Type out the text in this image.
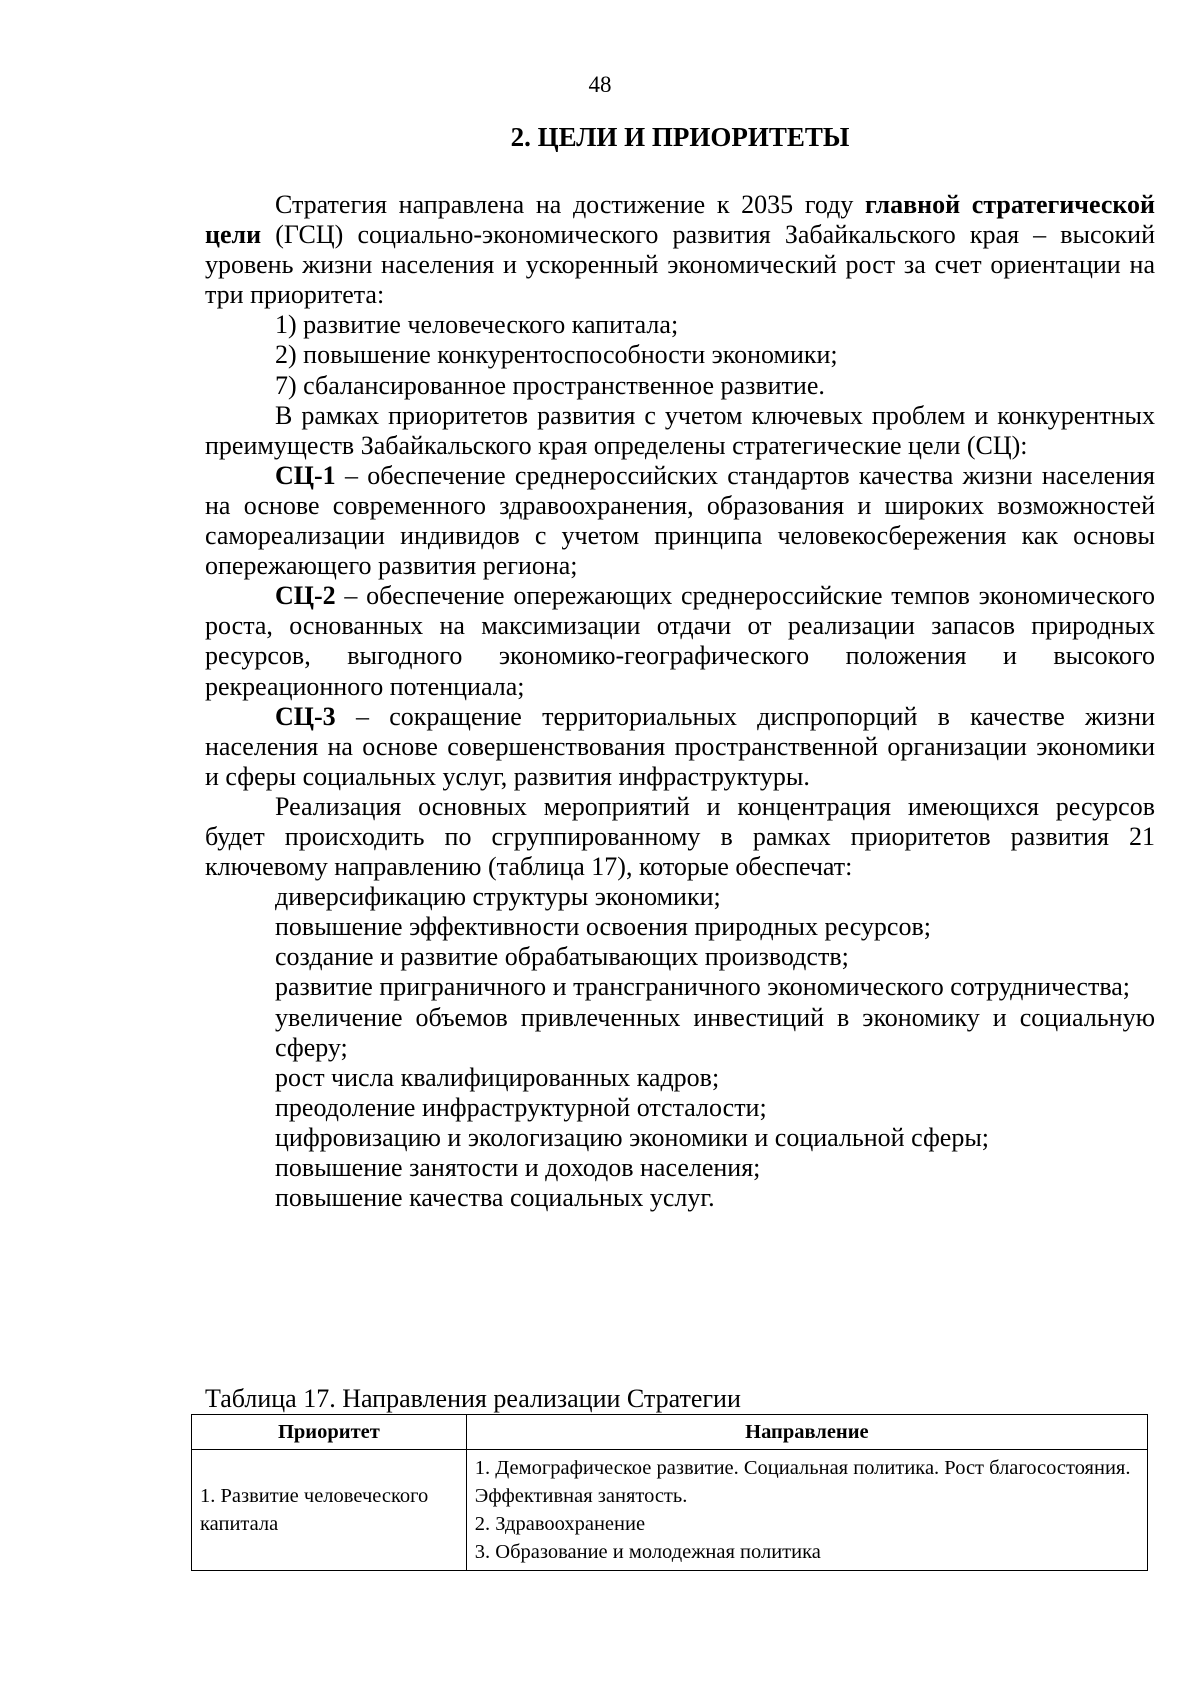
48
2. ЦЕЛИ И ПРИОРИТЕТЫ

Стратегия направлена на достижение к 2035 году главной стратегической цели (ГСЦ) социально-экономического развития Забайкальского края – высокий уровень жизни населения и ускоренный экономический рост за счет ориентации на три приоритета:

1) развитие человеческого капитала;

2) повышение конкурентоспособности экономики;

7) сбалансированное пространственное развитие.

В рамках приоритетов развития с учетом ключевых проблем и конкурентных преимуществ Забайкальского края определены стратегические цели (СЦ):

СЦ-1 – обеспечение среднероссийских стандартов качества жизни населения на основе современного здравоохранения, образования и широких возможностей самореализации индивидов с учетом принципа человекосбережения как основы опережающего развития региона;

СЦ-2 – обеспечение опережающих среднероссийские темпов экономического роста, основанных на максимизации отдачи от реализации запасов природных ресурсов, выгодного экономико-географического положения и высокого рекреационного потенциала;

СЦ-3 – сокращение территориальных диспропорций в качестве жизни населения на основе совершенствования пространственной организации экономики и сферы социальных услуг, развития инфраструктуры.

Реализация основных мероприятий и концентрация имеющихся ресурсов будет происходить по сгруппированному в рамках приоритетов развития 21 ключевому направлению (таблица 17), которые обеспечат:

диверсификацию структуры экономики;

повышение эффективности освоения природных ресурсов;

создание и развитие обрабатывающих производств;

развитие приграничного и трансграничного экономического сотрудничества;

увеличение объемов привлеченных инвестиций в экономику и социальную сферу;

рост числа квалифицированных кадров;

преодоление инфраструктурной отсталости;

цифровизацию и экологизацию экономики и социальной сферы;

повышение занятости и доходов населения;

повышение качества социальных услуг.

Таблица 17. Направления реализации Стратегии
Приоритет	Направление
1. Развитие человеческого капитала	1. Демографическое развитие. Социальная политика. Рост благосостояния. Эффективная занятость.
2. Здравоохранение
3. Образование и молодежная политика
